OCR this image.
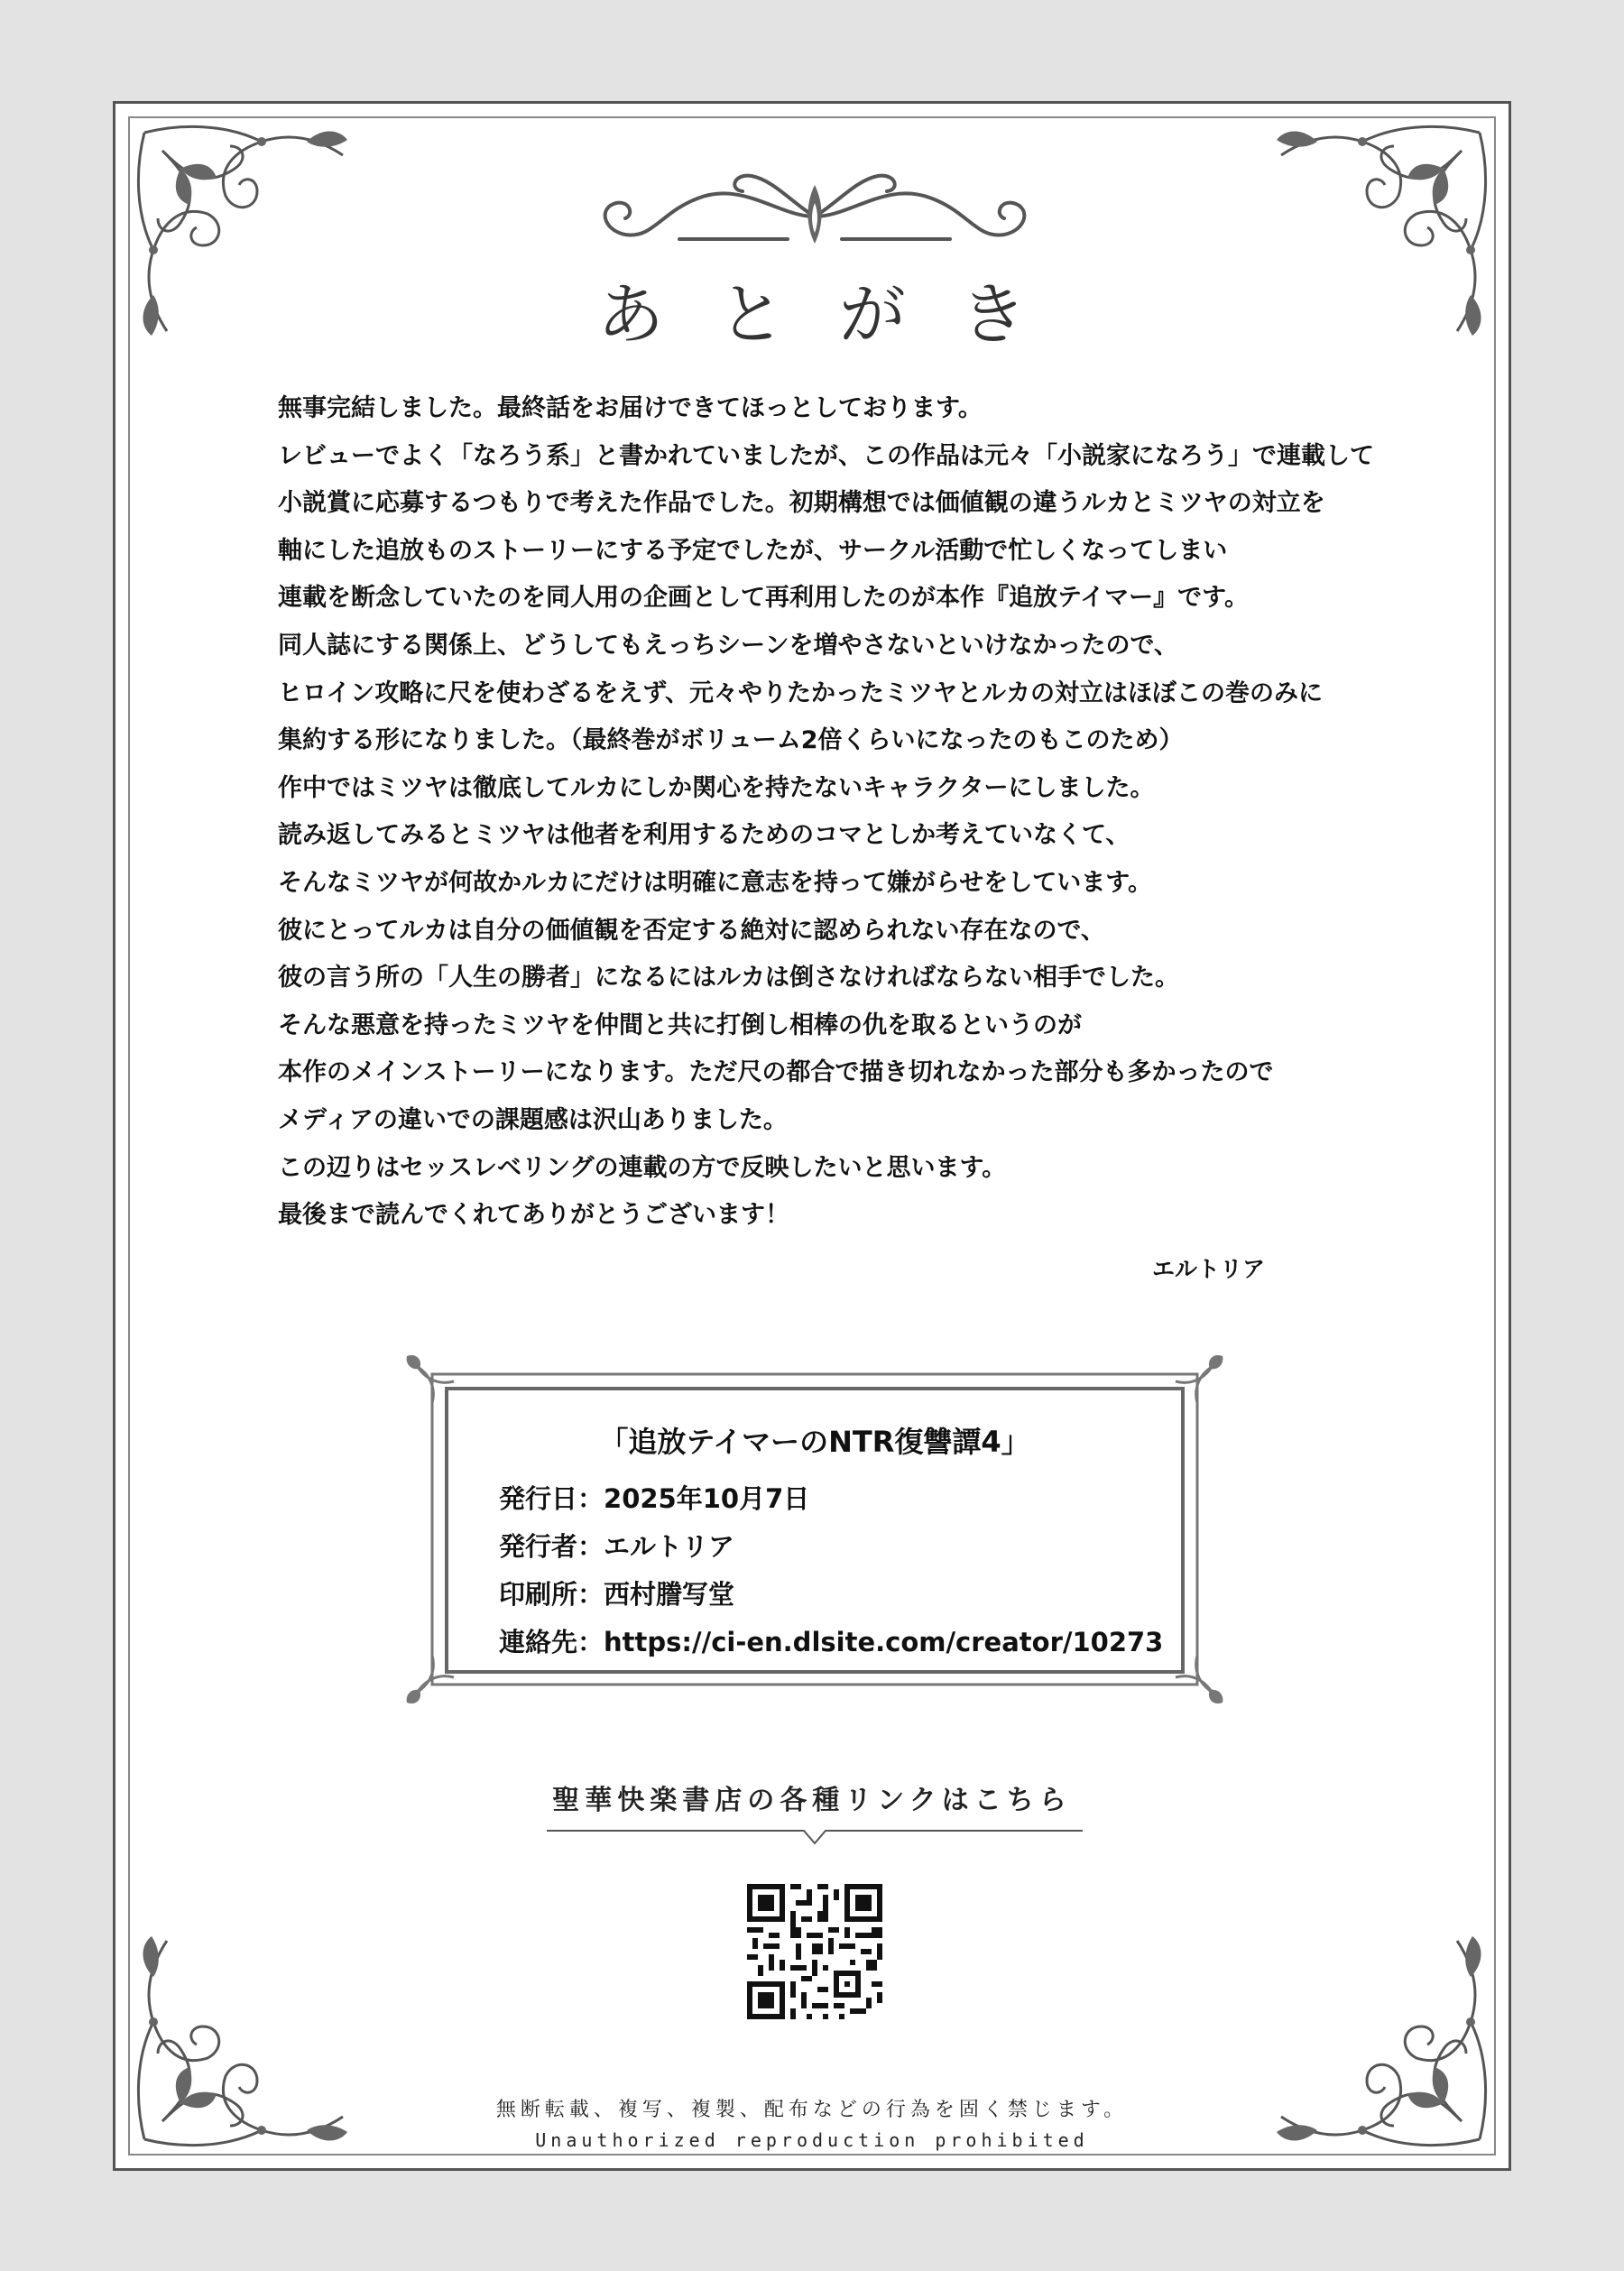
あとがき
無事完結しました。最終話をお届けできてほっとしております。
レビューでよく「なろう系」と書かれていましたが、この作品は元々「小説家になろう」で連載して
小説賞に応募するつもりで考えた作品でした。初期構想では価値観の違うルカとミツヤの対立を
軸にした追放ものストーリーにする予定でしたが、サークル活動で忙しくなってしまい
連載を断念していたのを同人用の企画として再利用したのが本作『追放テイマー』です。
同人誌にする関係上、どうしてもえっちシーンを増やさないといけなかったので、
ヒロイン攻略に尺を使わざるをえず、元々やりたかったミツヤとルカの対立はほぼこの巻のみに
集約する形になりました。（最終巻がボリューム2倍くらいになったのもこのため）
作中ではミツヤは徹底してルカにしか関心を持たないキャラクターにしました。
読み返してみるとミツヤは他者を利用するためのコマとしか考えていなくて、
そんなミツヤが何故かルカにだけは明確に意志を持って嫌がらせをしています。
彼にとってルカは自分の価値観を否定する絶対に認められない存在なので、
彼の言う所の「人生の勝者」になるにはルカは倒さなければならない相手でした。
そんな悪意を持ったミツヤを仲間と共に打倒し相棒の仇を取るというのが
本作のメインストーリーになります。ただ尺の都合で描き切れなかった部分も多かったので
メディアの違いでの課題感は沢山ありました。
この辺りはセッスレベリングの連載の方で反映したいと思います。
最後まで読んでくれてありがとうございます！
エルトリア
「追放テイマーのNTR復讐譚4」
発行日：2025年10月7日
発行者：エルトリア
印刷所：西村謄写堂
連絡先：https://ci-en.dlsite.com/creator/10273
聖華快楽書店の各種リンクはこちら
無断転載、複写、複製、配布などの行為を固く禁じます。
Unauthorized reproduction prohibited
